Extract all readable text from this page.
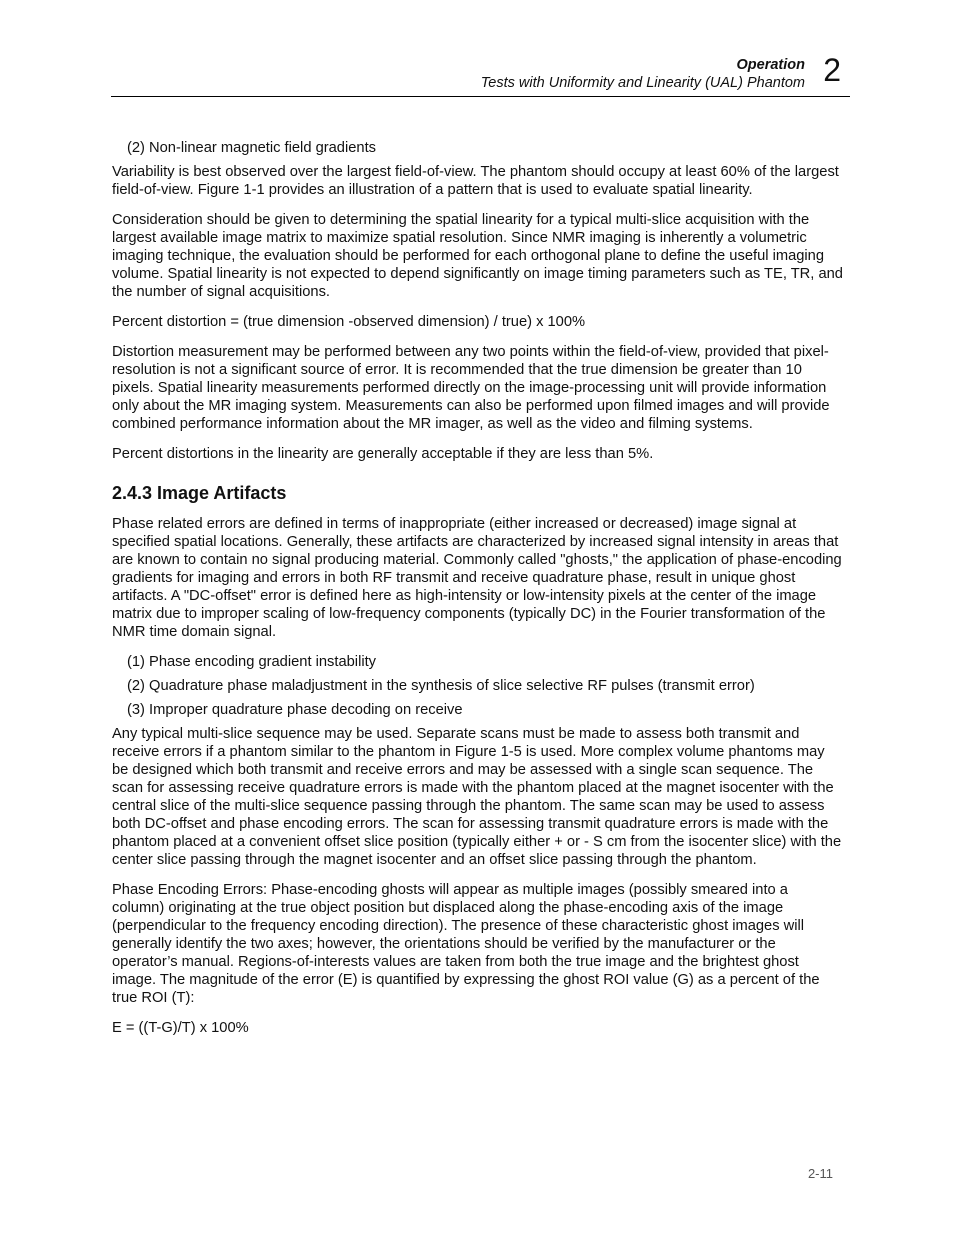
Operation
Tests with Uniformity and Linearity (UAL) Phantom 2

(2) Non-linear magnetic field gradients

Variability is best observed over the largest field-of-view. The phantom should occupy at least 60% of the largest field-of-view. Figure 1-1 provides an illustration of a pattern that is used to evaluate spatial linearity.

Consideration should be given to determining the spatial linearity for a typical multi-slice acquisition with the largest available image matrix to maximize spatial resolution. Since NMR imaging is inherently a volumetric imaging technique, the evaluation should be performed for each orthogonal plane to define the useful imaging volume. Spatial linearity is not expected to depend significantly on image timing parameters such as TE, TR, and the number of signal acquisitions.

Percent distortion = (true dimension -observed dimension) / true) x 100%

Distortion measurement may be performed between any two points within the field-of-view, provided that pixel-resolution is not a significant source of error. It is recommended that the true dimension be greater than 10 pixels. Spatial linearity measurements performed directly on the image-processing unit will provide information only about the MR imaging system. Measurements can also be performed upon filmed images and will provide combined performance information about the MR imager, as well as the video and filming systems.

Percent distortions in the linearity are generally acceptable if they are less than 5%.

2.4.3 Image Artifacts

Phase related errors are defined in terms of inappropriate (either increased or decreased) image signal at specified spatial locations. Generally, these artifacts are characterized by increased signal intensity in areas that are known to contain no signal producing material. Commonly called "ghosts," the application of phase-encoding gradients for imaging and errors in both RF transmit and receive quadrature phase, result in unique ghost artifacts. A "DC-offset" error is defined here as high-intensity or low-intensity pixels at the center of the image matrix due to improper scaling of low-frequency components (typically DC) in the Fourier transformation of the NMR time domain signal.

(1) Phase encoding gradient instability
(2) Quadrature phase maladjustment in the synthesis of slice selective RF pulses (transmit error)
(3) Improper quadrature phase decoding on receive

Any typical multi-slice sequence may be used. Separate scans must be made to assess both transmit and receive errors if a phantom similar to the phantom in Figure 1-5 is used. More complex volume phantoms may be designed which both transmit and receive errors and may be assessed with a single scan sequence. The scan for assessing receive quadrature errors is made with the phantom placed at the magnet isocenter with the central slice of the multi-slice sequence passing through the phantom. The same scan may be used to assess both DC-offset and phase encoding errors. The scan for assessing transmit quadrature errors is made with the phantom placed at a convenient offset slice position (typically either + or - S cm from the isocenter slice) with the center slice passing through the magnet isocenter and an offset slice passing through the phantom.

Phase Encoding Errors: Phase-encoding ghosts will appear as multiple images (possibly smeared into a column) originating at the true object position but displaced along the phase-encoding axis of the image (perpendicular to the frequency encoding direction). The presence of these characteristic ghost images will generally identify the two axes; however, the orientations should be verified by the manufacturer or the operator’s manual. Regions-of-interests values are taken from both the true image and the brightest ghost image. The magnitude of the error (E) is quantified by expressing the ghost ROI value (G) as a percent of the true ROI (T):

E = ((T-G)/T) x 100%

2-11
